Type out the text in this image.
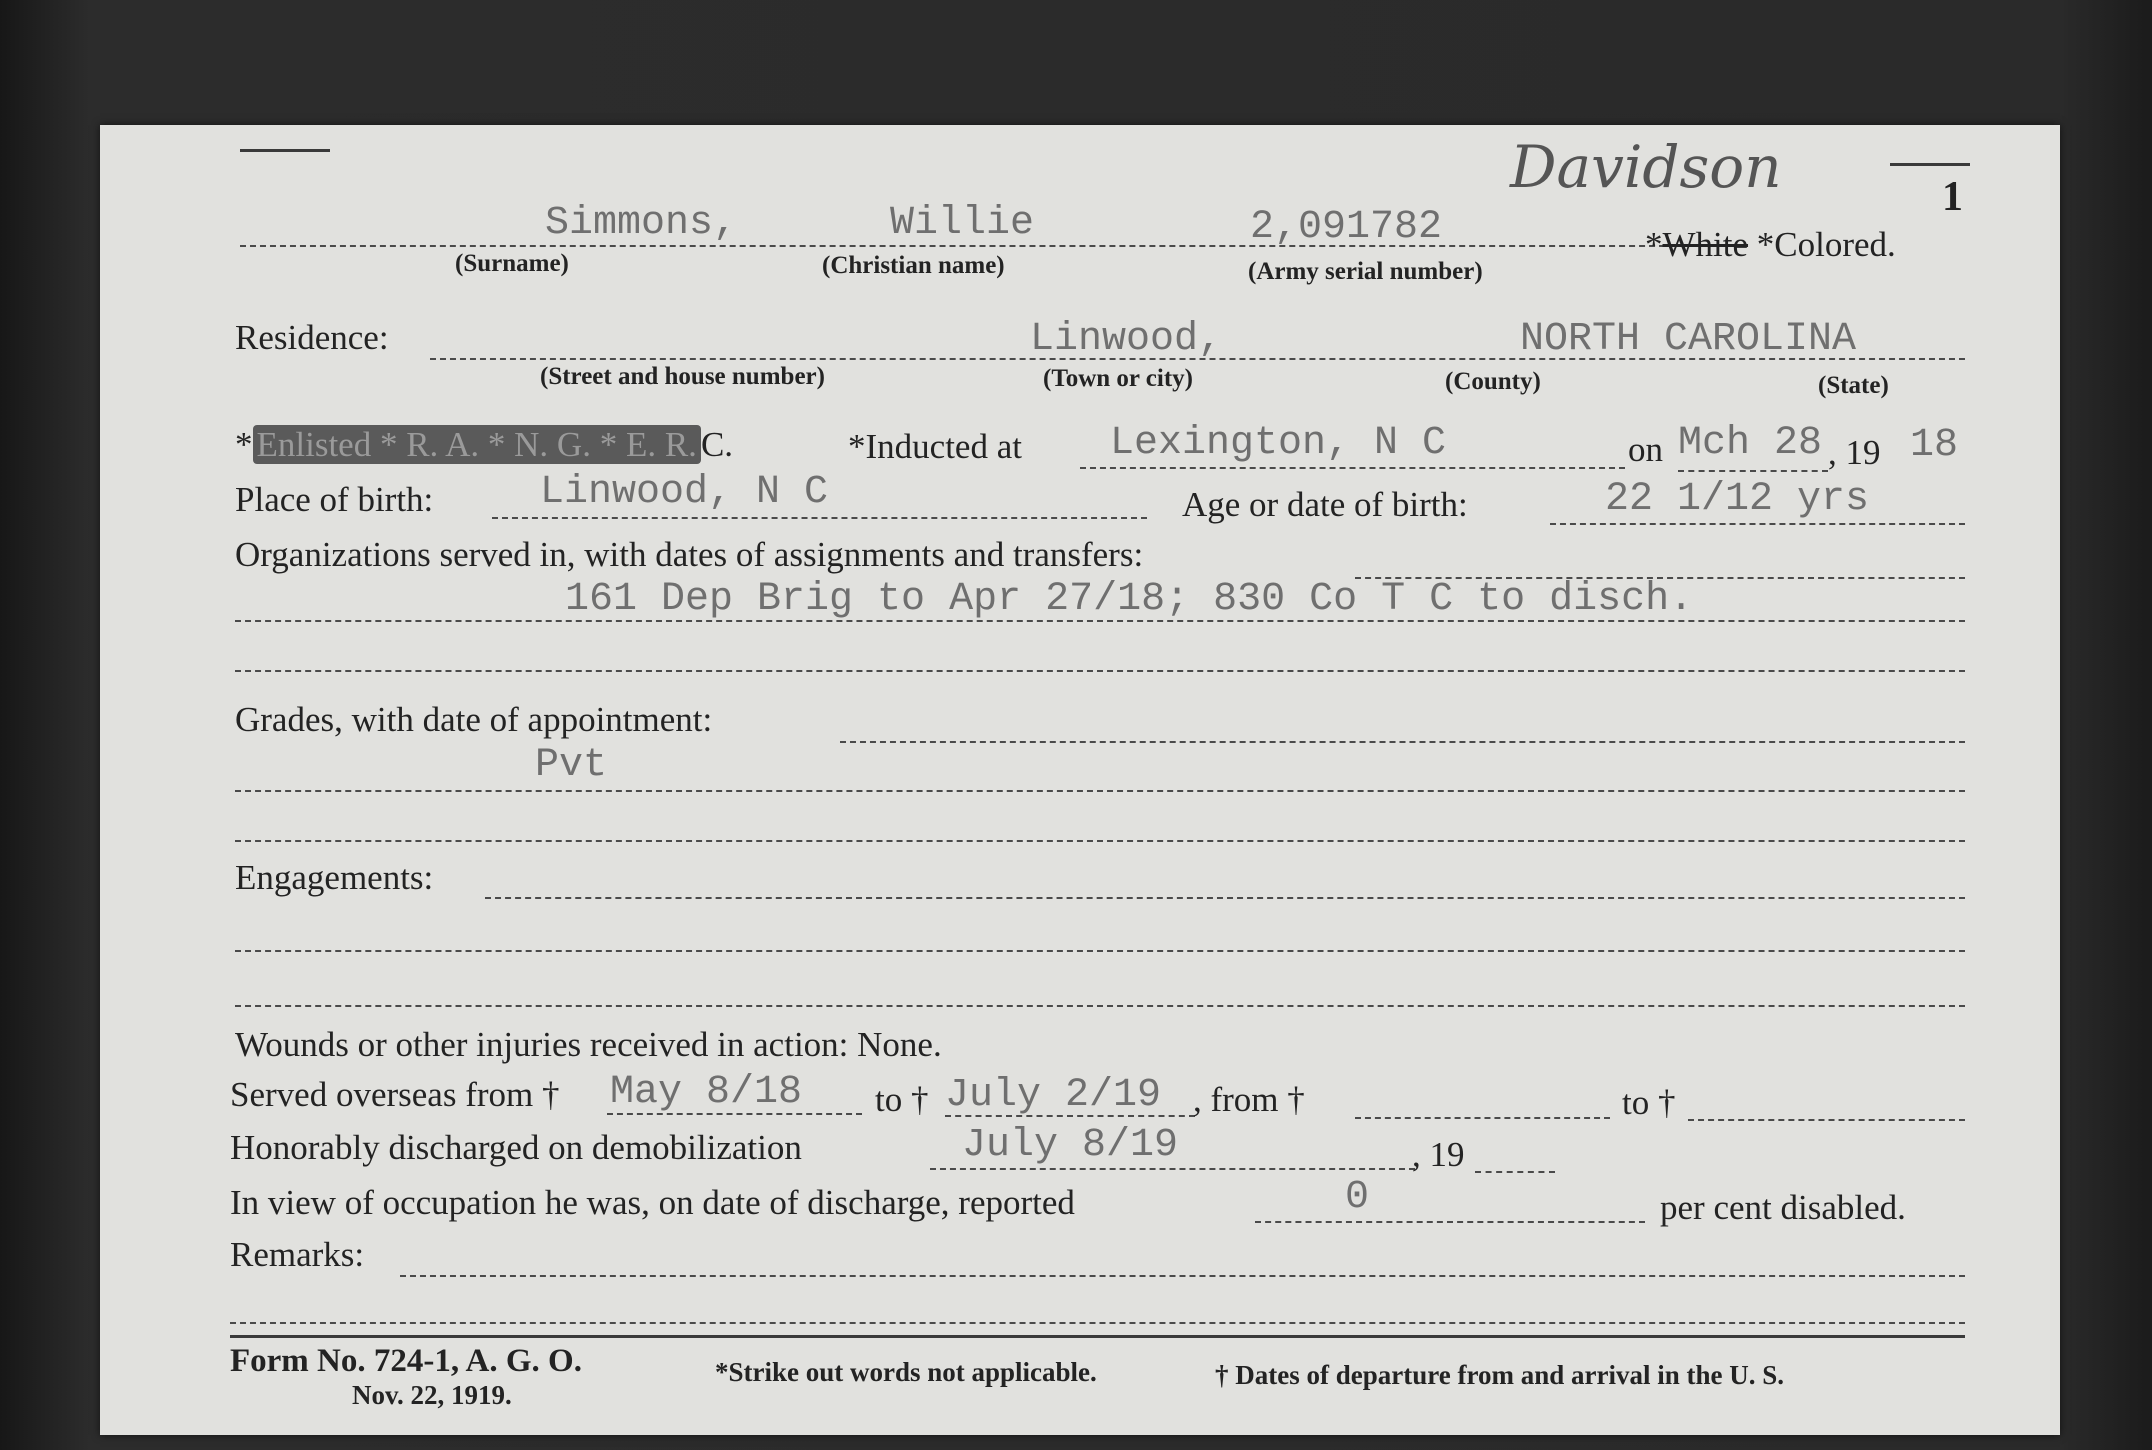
Davidson	1
Simmons,	Willie	2,091782	*White *Colored.
(Surname)	(Christian name)	(Army serial number)
Residence:	Linwood,	NORTH CAROLINA
(Street and house number)	(Town or city)	(County)	(State)
* Enlisted * R. A. * N. G. * E. R. C.	*Inducted at Lexington, N C	on Mch 28 , 19 18
Place of birth:	Linwood, N C	Age or date of birth:	22 1/12 yrs
Organizations served in, with dates of assignments and transfers:
161 Dep Brig to Apr 27/18; 830 Co T C to disch.
Grades, with date of appointment:
Pvt
Engagements:
Wounds or other injuries received in action: None.
Served overseas from † May 8/18 to † July 2/19 , from †	to †
Honorably discharged on demobilization	July 8/19	, 19
In view of occupation he was, on date of discharge, reported	0	per cent disabled.
Remarks:
Form No. 724-1, A. G. O.
Nov. 22, 1919.
*Strike out words not applicable.	† Dates of departure from and arrival in the U. S.
